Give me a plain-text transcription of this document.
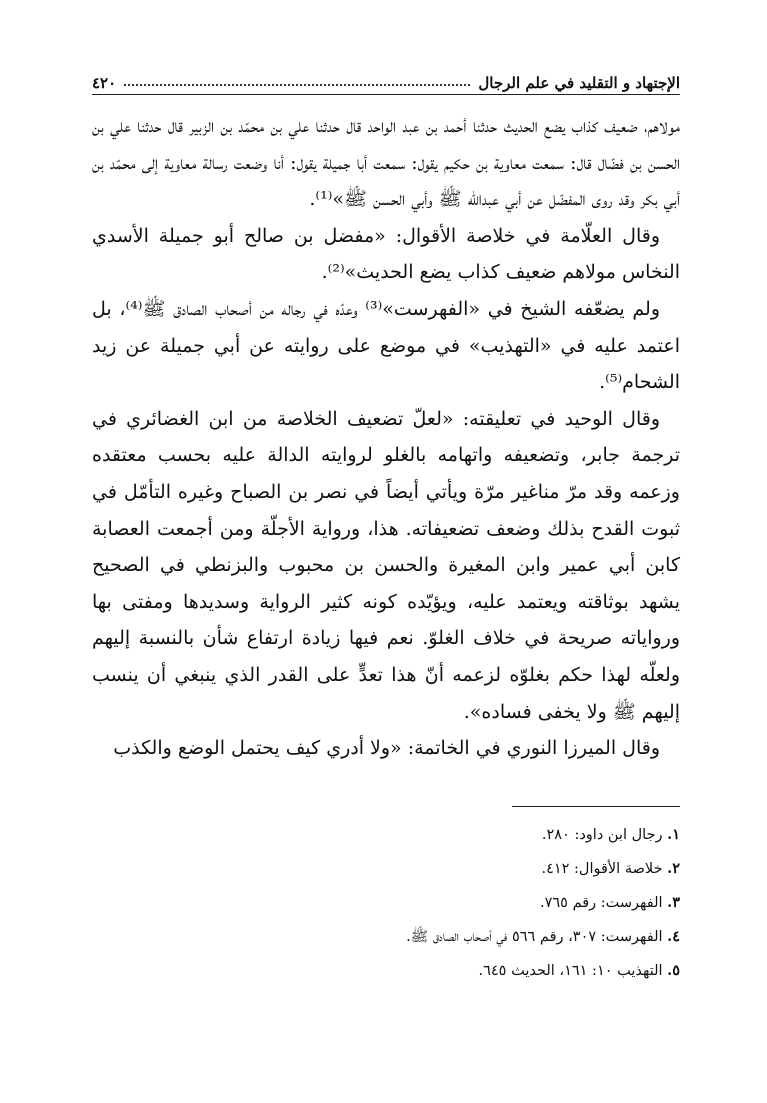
٤٢٠	الإجتهاد و التقليد في علم الرجال

مولاهم، ضعيف كذاب يضع الحديث حدثنا أحمد بن عبد الواحد قال حدثنا علي بن محمّد بن الزبير قال حدثنا علي بن الحسن بن فضّال قال: سمعت معاوية بن حكيم يقول: سمعت أبا جميلة يقول: أنا وضعت رسالة معاوية إلى محمّد بن أبي بكر وقد روى المفضّل عن أبي عبدالله ﷺ وأبي الحسن ﷺ»⁽¹⁾.

وقال العلّامة في خلاصة الأقوال: «مفضل بن صالح أبو جميلة الأسدي النخاس مولاهم ضعيف كذاب يضع الحديث»⁽²⁾.

ولم يضعّفه الشيخ في «الفهرست»⁽³⁾ وعدّه في رجاله من أصحاب الصادق ﷺ⁽⁴⁾، بل اعتمد عليه في «التهذيب» في موضع على روايته عن أبي جميلة عن زيد الشحام⁽⁵⁾.

وقال الوحيد في تعليقته: «لعلّ تضعيف الخلاصة من ابن الغضائري في ترجمة جابر، وتضعيفه واتهامه بالغلو لروايته الدالة عليه بحسب معتقده وزعمه وقد مرّ مناغير مرّة ويأتي أيضاً في نصر بن الصباح وغيره التأمّل في ثبوت القدح بذلك وضعف تضعيفاته. هذا، ورواية الأجلّة ومن أجمعت العصابة كابن أبي عمير وابن المغيرة والحسن بن محبوب والبزنطي في الصحيح يشهد بوثاقته ويعتمد عليه، ويؤيّده كونه كثير الرواية وسديدها ومفتى بها ورواياته صريحة في خلاف الغلوّ. نعم فيها زيادة ارتفاع شأن بالنسبة إليهم ولعلّه لهذا حكم بغلوّه لزعمه أنّ هذا تعدٍّ على القدر الذي ينبغي أن ينسب إليهم ﷺ ولا يخفى فساده».

وقال الميرزا النوري في الخاتمة: «ولا أدري كيف يحتمل الوضع والكذب

١. رجال ابن داود: ٢٨٠.
٢. خلاصة الأقوال: ٤١٢.
٣. الفهرست: رقم ٧٦٥.
٤. الفهرست: ٣٠٧، رقم ٥٦٦ في أصحاب الصادق ﷺ.
٥. التهذيب ١٠: ١٦١، الحديث ٦٤٥.
